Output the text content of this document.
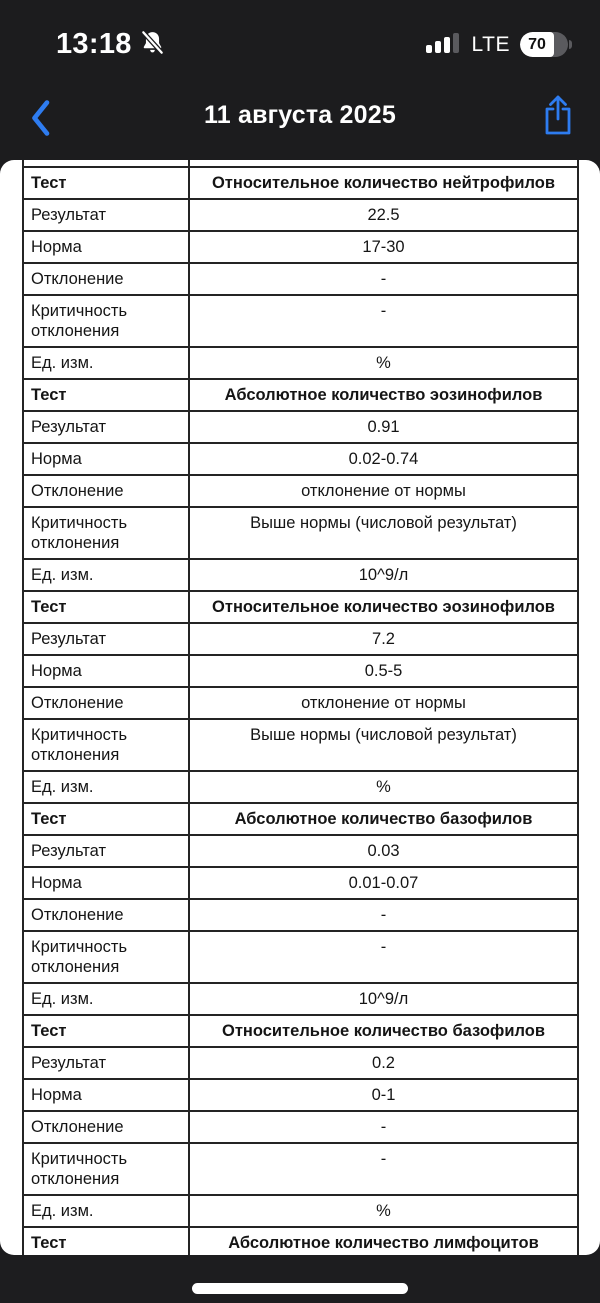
13:18	LTE 70
11 августа 2025

Тест	Относительное количество нейтрофилов
Результат	22.5
Норма	17-30
Отклонение	-
Критичность отклонения	-
Ед. изм.	%
Тест	Абсолютное количество эозинофилов
Результат	0.91
Норма	0.02-0.74
Отклонение	отклонение от нормы
Критичность отклонения	Выше нормы (числовой результат)
Ед. изм.	10^9/л
Тест	Относительное количество эозинофилов
Результат	7.2
Норма	0.5-5
Отклонение	отклонение от нормы
Критичность отклонения	Выше нормы (числовой результат)
Ед. изм.	%
Тест	Абсолютное количество базофилов
Результат	0.03
Норма	0.01-0.07
Отклонение	-
Критичность отклонения	-
Ед. изм.	10^9/л
Тест	Относительное количество базофилов
Результат	0.2
Норма	0-1
Отклонение	-
Критичность отклонения	-
Ед. изм.	%
Тест	Абсолютное количество лимфоцитов
